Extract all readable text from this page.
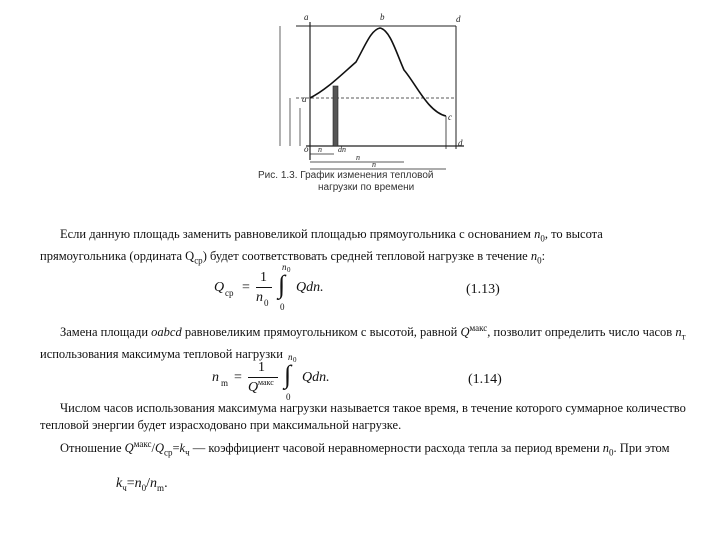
a	b	d
a
c
d
o n dn
n
n
Рис. 1.3. График изменения тепловой
нагрузки по времени
Если данную площадь заменить равновеликой площадью прямоугольника с основанием $n_0$, то высота прямоугольника (ордината $Q_{ср}$) будет соответствовать средней тепловой нагрузке в течение $n_0$:
Q ср =
1
n 0
∫
n 0
0
Qdn.	(1.13)
Замена площади oabcd равновеликим прямоугольником с высотой, равной $Q^{макс}$, позволит определить число часов $n_т$ использования максимума тепловой нагрузки
n m =
1
Q макс ∫
n 0
0
Qdn.	(1.14)
Числом часов использования максимума нагрузки называется такое время, в течение которого суммарное количество тепловой энергии будет израсходовано при максимальной нагрузке.
Отношение $Q^{макс}/Q_{ср}=k_ч$ — коэффициент часовой неравномерности расхода тепла за период времени $n_0$. При этом
$k_ч=n_0/n_m$.
